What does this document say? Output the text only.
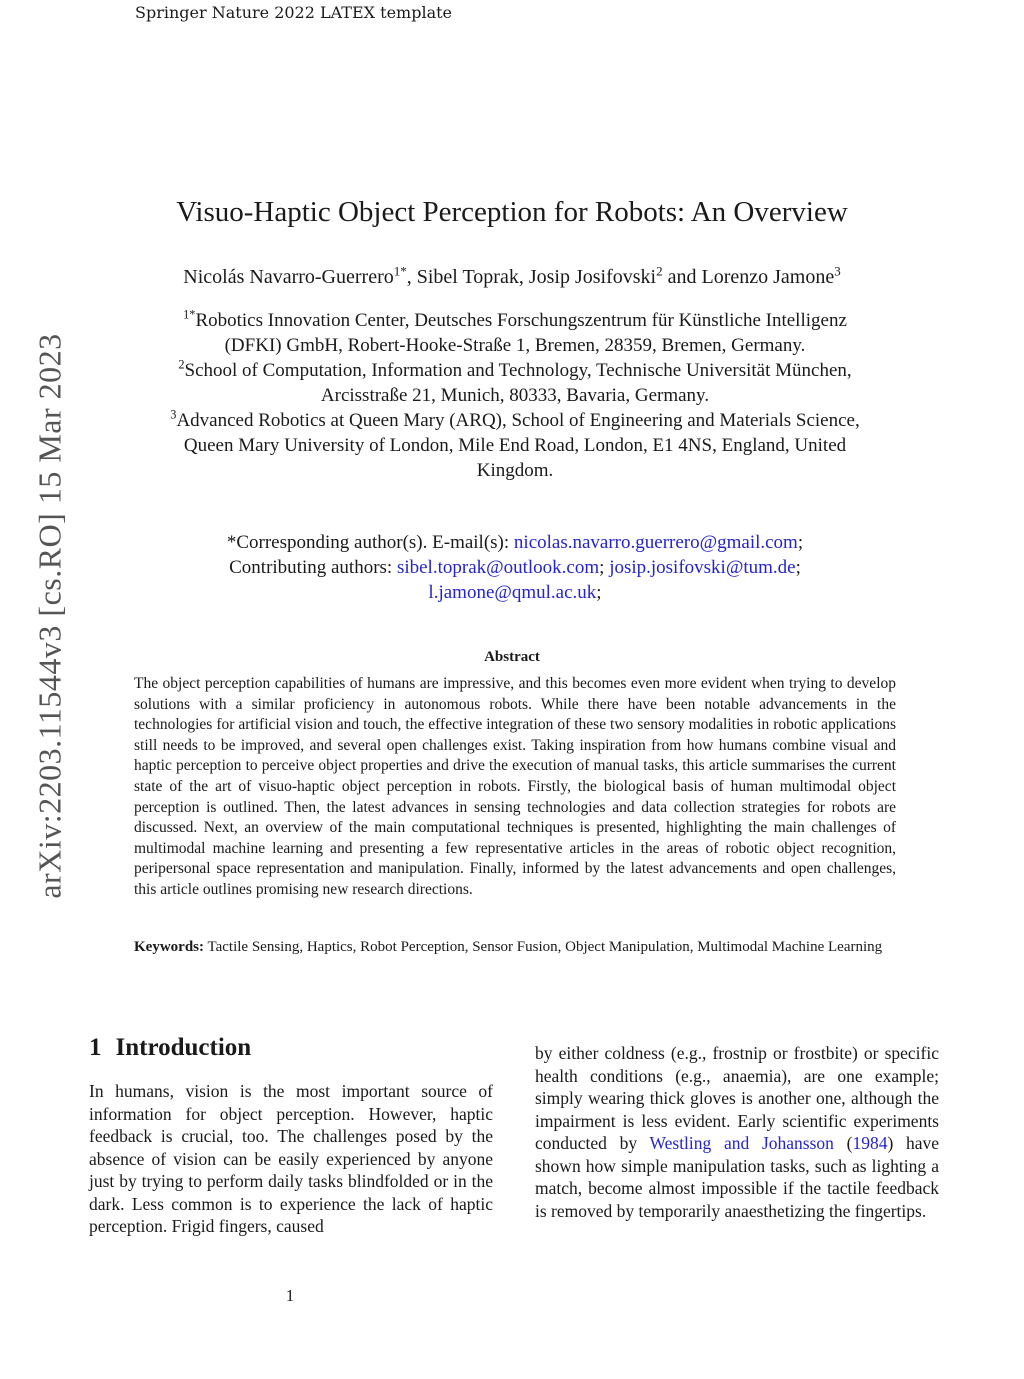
Springer Nature 2022 LATEX template
arXiv:2203.11544v3 [cs.RO] 15 Mar 2023
Visuo-Haptic Object Perception for Robots: An Overview
Nicolás Navarro-Guerrero$^{1*}$, Sibel Toprak, Josip Josifovski$^2$ and Lorenzo Jamone$^3$
$^{1*}$Robotics Innovation Center, Deutsches Forschungszentrum für Künstliche Intelligenz
(DFKI) GmbH, Robert-Hooke-Straße 1, Bremen, 28359, Bremen, Germany.
$^2$School of Computation, Information and Technology, Technische Universität München,
Arcisstraße 21, Munich, 80333, Bavaria, Germany.
$^3$Advanced Robotics at Queen Mary (ARQ), School of Engineering and Materials Science,
Queen Mary University of London, Mile End Road, London, E1 4NS, England, United
Kingdom.
*Corresponding author(s). E-mail(s): nicolas.navarro.guerrero@gmail.com;
Contributing authors: sibel.toprak@outlook.com; josip.josifovski@tum.de;
l.jamone@qmul.ac.uk;
Abstract
The object perception capabilities of humans are impressive, and this becomes even more evident when trying to develop solutions with a similar proficiency in autonomous robots. While there have been notable advancements in the technologies for artificial vision and touch, the effective integration of these two sensory modalities in robotic applications still needs to be improved, and several open challenges exist. Taking inspiration from how humans combine visual and haptic perception to perceive object properties and drive the execution of manual tasks, this article summarises the current state of the art of visuo-haptic object perception in robots. Firstly, the biological basis of human multimodal object perception is outlined. Then, the latest advances in sensing technologies and data collection strategies for robots are discussed. Next, an overview of the main computational techniques is presented, highlighting the main challenges of multimodal machine learning and presenting a few representative articles in the areas of robotic object recognition, peripersonal space representation and manipulation. Finally, informed by the latest advancements and open challenges, this article outlines promising new research directions.
Keywords: Tactile Sensing, Haptics, Robot Perception, Sensor Fusion, Object Manipulation, Multimodal Machine Learning
1 Introduction
In humans, vision is the most important source of information for object perception. However, haptic feedback is crucial, too. The challenges posed by the absence of vision can be easily experienced by anyone just by trying to perform daily tasks blindfolded or in the dark. Less common is to experience the lack of haptic perception. Frigid fingers, caused
by either coldness (e.g., frostnip or frostbite) or specific health conditions (e.g., anaemia), are one example; simply wearing thick gloves is another one, although the impairment is less evident. Early scientific experiments conducted by Westling and Johansson (1984) have shown how simple manipulation tasks, such as lighting a match, become almost impossible if the tactile feedback is removed by temporarily anaesthetizing the fingertips.
1
